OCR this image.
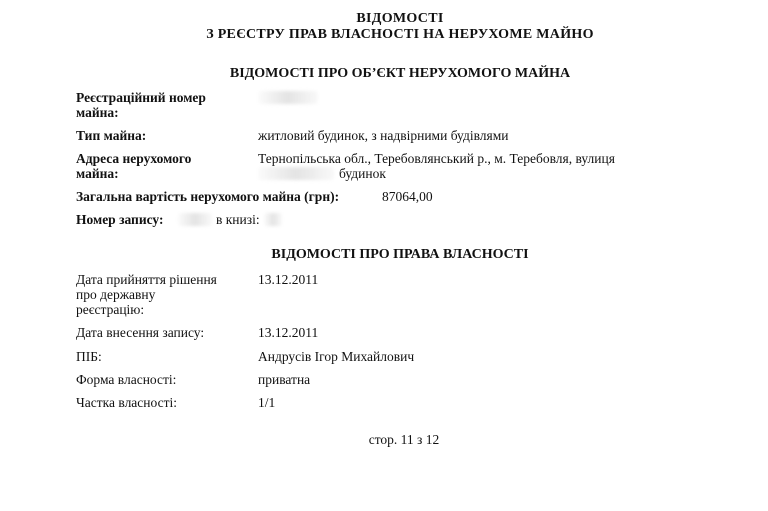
ВІДОМОСТІ
З РЕЄСТРУ ПРАВ ВЛАСНОСТІ НА НЕРУХОМЕ МАЙНО
ВІДОМОСТІ ПРО ОБ’ЄКТ НЕРУХОМОГО МАЙНА
Реєстраційний номер
майна:
Тип майна:	житловий будинок, з надвірними будівлями
Адреса нерухомого
майна:
Тернопільська обл., Теребовлянський р., м. Теребовля, вулиця
будинок
Загальна вартість нерухомого майна (грн):	87064,00
Номер запису:	в книзі:
ВІДОМОСТІ ПРО ПРАВА ВЛАСНОСТІ
Дата прийняття рішення
про державну
реєстрацію:
13.12.2011
Дата внесення запису:	13.12.2011
ПІБ:	Андрусів Ігор Михайлович
Форма власності:	приватна
Частка власності:	1/1
стор. 11 з 12
